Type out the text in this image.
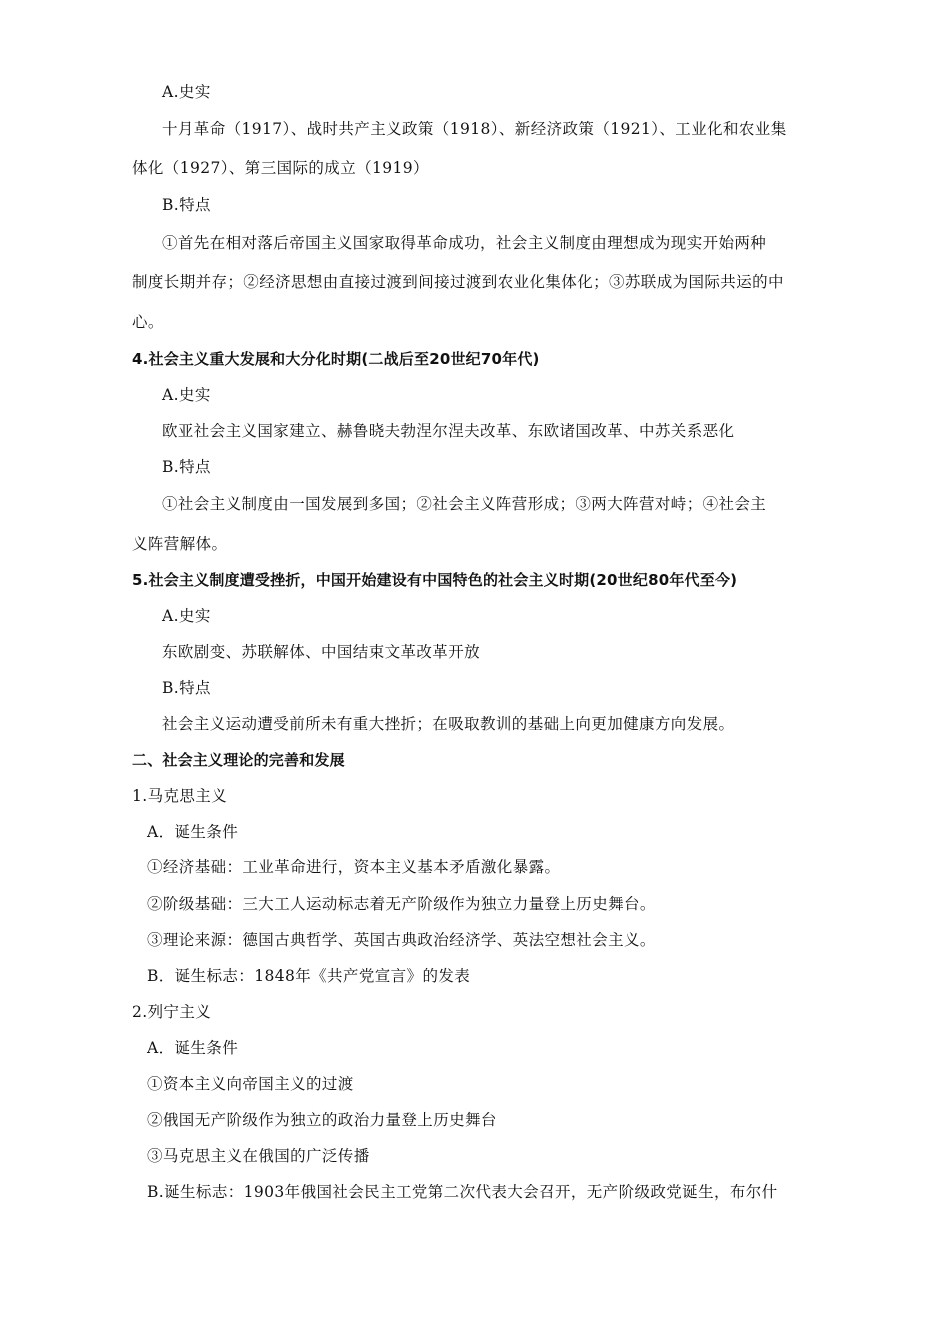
A.史实
十月革命（1917）、战时共产主义政策（1918）、新经济政策（1921）、工业化和农业集
体化（1927）、第三国际的成立（1919）
B.特点
①首先在相对落后帝国主义国家取得革命成功，社会主义制度由理想成为现实开始两种
制度长期并存；②经济思想由直接过渡到间接过渡到农业化集体化；③苏联成为国际共运的中
心。
4.社会主义重大发展和大分化时期(二战后至20世纪70年代)
A.史实
欧亚社会主义国家建立、赫鲁晓夫勃涅尔涅夫改革、东欧诸国改革、中苏关系恶化
B.特点
①社会主义制度由一国发展到多国；②社会主义阵营形成；③两大阵营对峙；④社会主
义阵营解体。
5.社会主义制度遭受挫折，中国开始建设有中国特色的社会主义时期(20世纪80年代至今)
A.史实
东欧剧变、苏联解体、中国结束文革改革开放
B.特点
社会主义运动遭受前所未有重大挫折；在吸取教训的基础上向更加健康方向发展。
二、社会主义理论的完善和发展
1.马克思主义
A．诞生条件
①经济基础：工业革命进行，资本主义基本矛盾激化暴露。
②阶级基础：三大工人运动标志着无产阶级作为独立力量登上历史舞台。
③理论来源：德国古典哲学、英国古典政治经济学、英法空想社会主义。
B．诞生标志：1848年《共产党宣言》的发表
2.列宁主义
A．诞生条件
①资本主义向帝国主义的过渡
②俄国无产阶级作为独立的政治力量登上历史舞台
③马克思主义在俄国的广泛传播
B.诞生标志：1903年俄国社会民主工党第二次代表大会召开，无产阶级政党诞生，布尔什
